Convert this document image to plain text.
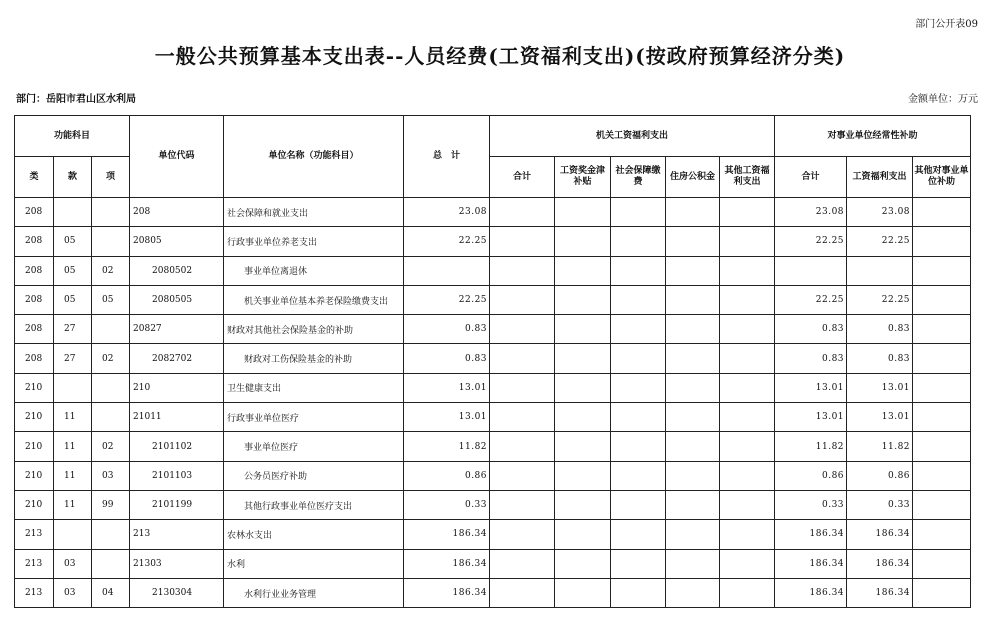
部门公开表09
一般公共预算基本支出表--人员经费(工资福利支出)(按政府预算经济分类)
部门：岳阳市君山区水利局	金额单位：万元
功能科目			单位代码	单位名称（功能科目）	总　计	机关工资福利支出					对事业单位经常性补助		
类	款	项				合计	工资奖金津补贴	社会保障缴费	住房公积金	其他工资福利支出	合计	工资福利支出	其他对事业单位补助
208			208	社会保障和就业支出	23.08						23.08	23.08	
208	05		20805	行政事业单位养老支出	22.25						22.25	22.25	
208	05	02	2080502	事业单位离退休									
208	05	05	2080505	机关事业单位基本养老保险缴费支出	22.25						22.25	22.25	
208	27		20827	财政对其他社会保险基金的补助	0.83						0.83	0.83	
208	27	02	2082702	财政对工伤保险基金的补助	0.83						0.83	0.83	
210			210	卫生健康支出	13.01						13.01	13.01	
210	11		21011	行政事业单位医疗	13.01						13.01	13.01	
210	11	02	2101102	事业单位医疗	11.82						11.82	11.82	
210	11	03	2101103	公务员医疗补助	0.86						0.86	0.86	
210	11	99	2101199	其他行政事业单位医疗支出	0.33						0.33	0.33	
213			213	农林水支出	186.34						186.34	186.34	
213	03		21303	水利	186.34						186.34	186.34	
213	03	04	2130304	水利行业业务管理	186.34						186.34	186.34	
